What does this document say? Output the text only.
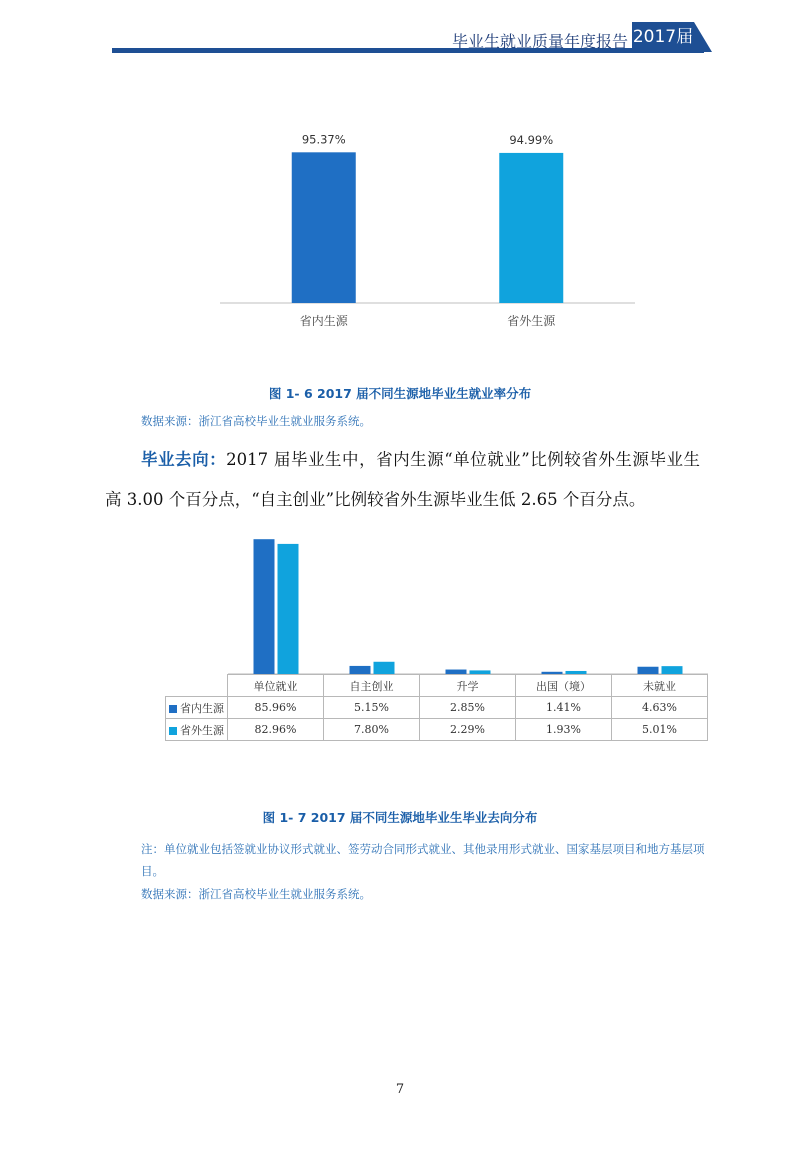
毕业生就业质量年度报告 2017届
95.37%
省内生源
94.99%
省外生源
图 1- 6 2017 届不同生源地毕业生就业率分布
数据来源：浙江省高校毕业生就业服务系统。
毕业去向：2017 届毕业生中，省内生源“单位就业”比例较省外生源毕业生高 3.00 个百分点，“自主创业”比例较省外生源毕业生低 2.65 个百分点。
	单位就业	自主创业	升学	出国（境）	未就业
省内生源	85.96%	5.15%	2.85%	1.41%	4.63%
省外生源	82.96%	7.80%	2.29%	1.93%	5.01%
图 1- 7 2017 届不同生源地毕业生毕业去向分布
注：单位就业包括签就业协议形式就业、签劳动合同形式就业、其他录用形式就业、国家基层项目和地方基层项目。
数据来源：浙江省高校毕业生就业服务系统。
7
